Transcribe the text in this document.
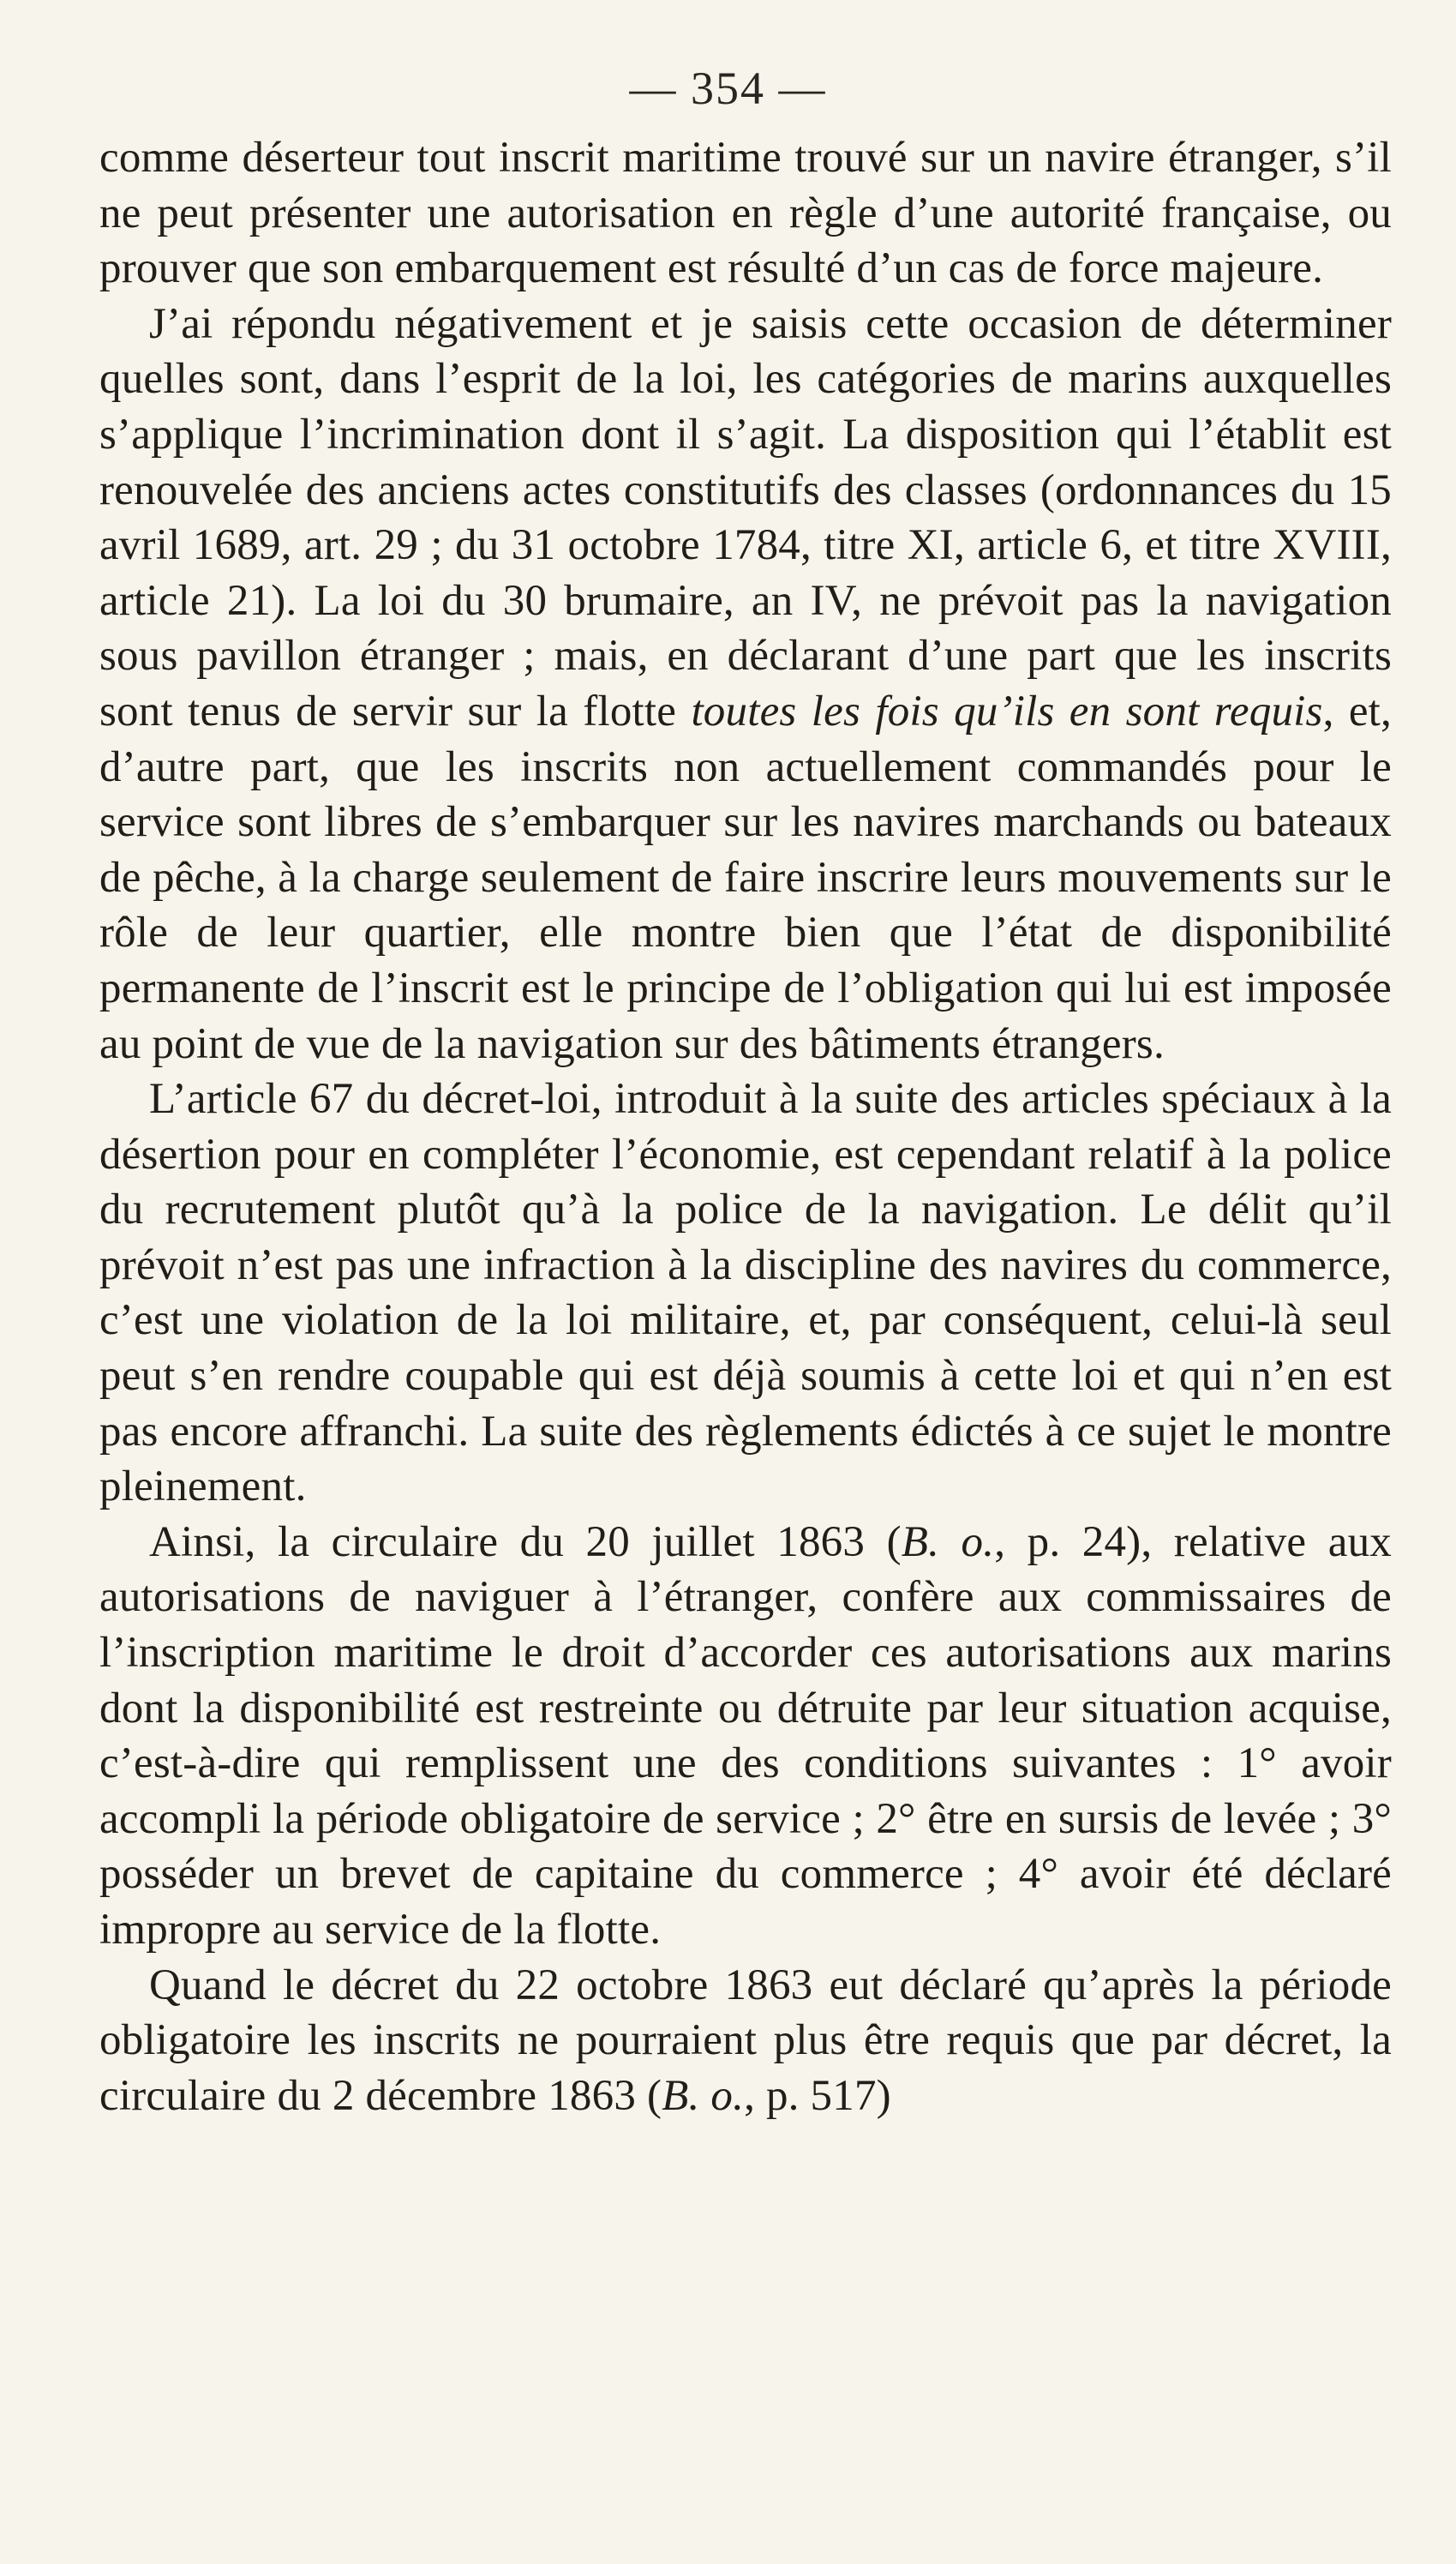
— 354 —

comme déserteur tout inscrit maritime trouvé sur un navire étranger, s’il ne peut présenter une autorisation en règle d’une autorité française, ou prouver que son embarquement est résulté d’un cas de force majeure.

J’ai répondu négativement et je saisis cette occasion de déterminer quelles sont, dans l’esprit de la loi, les catégories de marins auxquelles s’applique l’incrimination dont il s’agit. La disposition qui l’établit est renouvelée des anciens actes constitutifs des classes (ordonnances du 15 avril 1689, art. 29 ; du 31 octobre 1784, titre XI, article 6, et titre XVIII, article 21). La loi du 30 brumaire, an IV, ne prévoit pas la navigation sous pavillon étranger ; mais, en déclarant d’une part que les inscrits sont tenus de servir sur la flotte toutes les fois qu’ils en sont requis, et, d’autre part, que les inscrits non actuellement commandés pour le service sont libres de s’embarquer sur les navires marchands ou bateaux de pêche, à la charge seulement de faire inscrire leurs mouvements sur le rôle de leur quartier, elle montre bien que l’état de disponibilité permanente de l’inscrit est le principe de l’obligation qui lui est imposée au point de vue de la navigation sur des bâtiments étrangers.

L’article 67 du décret-loi, introduit à la suite des articles spéciaux à la désertion pour en compléter l’économie, est cependant relatif à la police du recrutement plutôt qu’à la police de la navigation. Le délit qu’il prévoit n’est pas une infraction à la discipline des navires du commerce, c’est une violation de la loi militaire, et, par conséquent, celui-là seul peut s’en rendre coupable qui est déjà soumis à cette loi et qui n’en est pas encore affranchi. La suite des règlements édictés à ce sujet le montre pleinement.

Ainsi, la circulaire du 20 juillet 1863 (B. o., p. 24), relative aux autorisations de naviguer à l’étranger, confère aux commissaires de l’inscription maritime le droit d’accorder ces autorisations aux marins dont la disponibilité est restreinte ou détruite par leur situation acquise, c’est-à-dire qui remplissent une des conditions suivantes : 1° avoir accompli la période obligatoire de service ; 2° être en sursis de levée ; 3° posséder un brevet de capitaine du commerce ; 4° avoir été déclaré impropre au service de la flotte.

Quand le décret du 22 octobre 1863 eut déclaré qu’après la période obligatoire les inscrits ne pourraient plus être requis que par décret, la circulaire du 2 décembre 1863 (B. o., p. 517)
